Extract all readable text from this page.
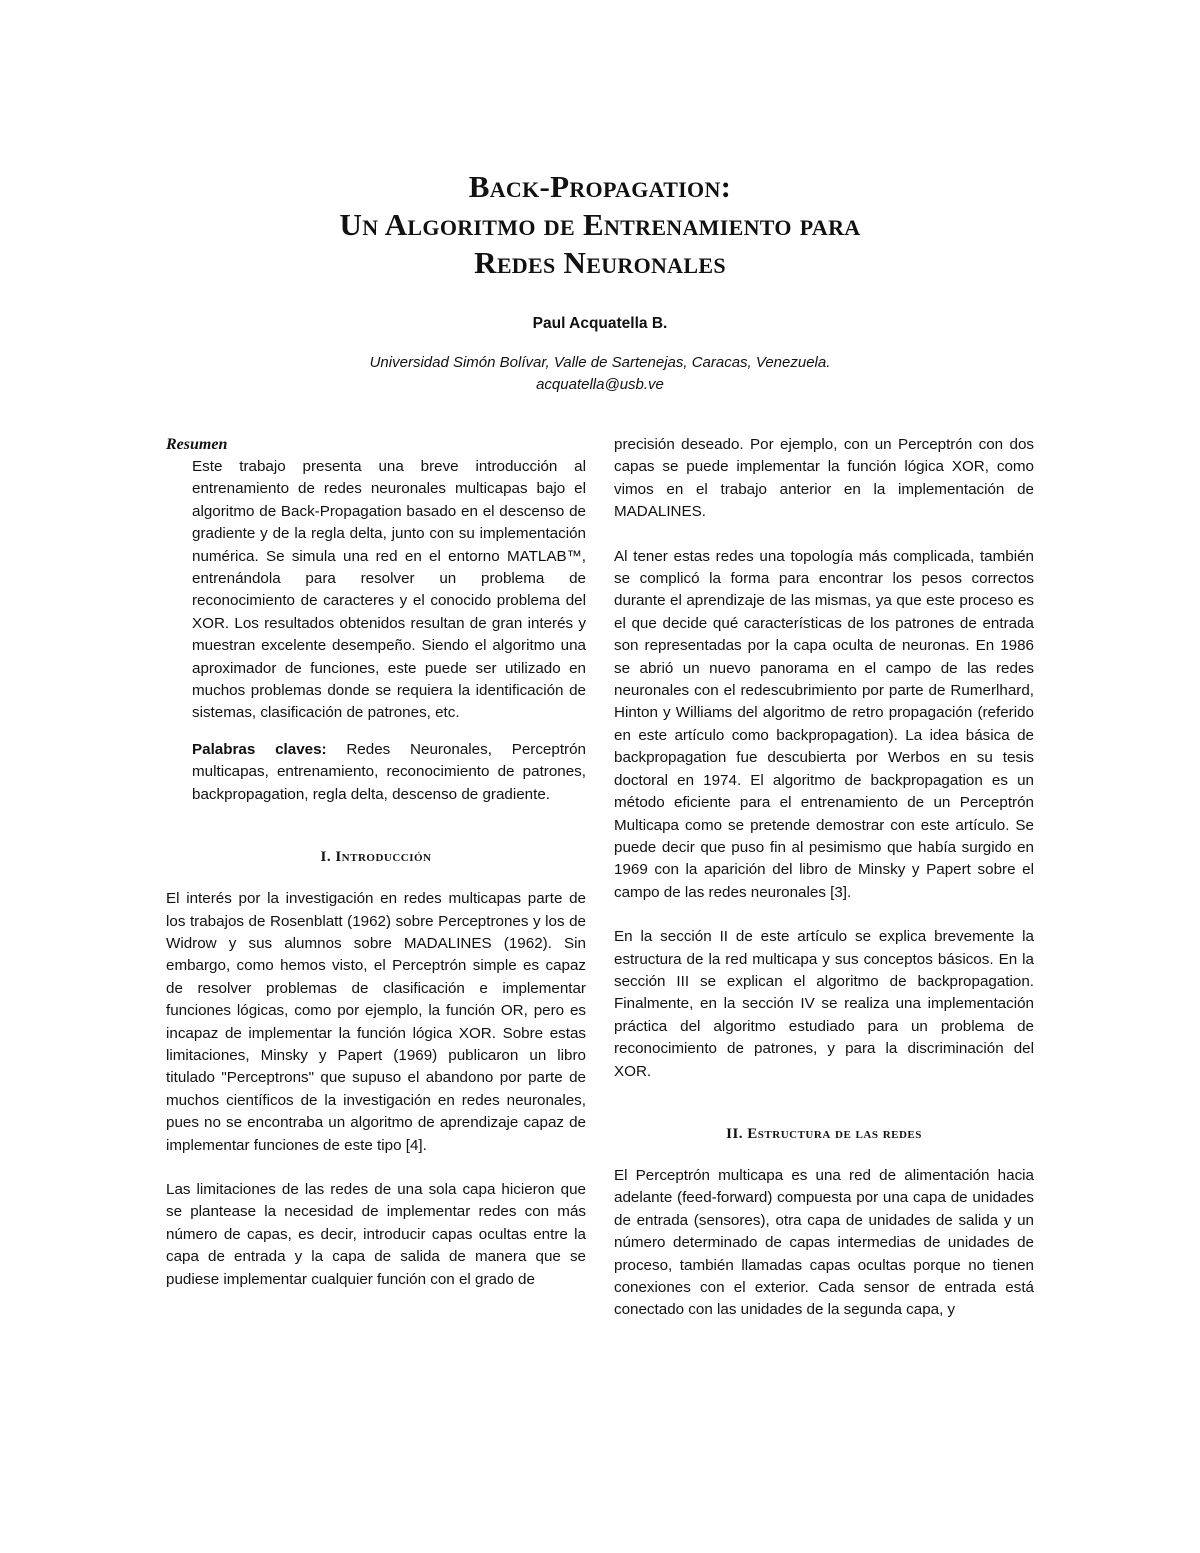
Back-Propagation:
Un Algoritmo de Entrenamiento para
Redes Neuronales
Paul Acquatella B.
Universidad Simón Bolívar, Valle de Sartenejas, Caracas, Venezuela.
acquatella@usb.ve
Resumen

Este trabajo presenta una breve introducción al entrenamiento de redes neuronales multicapas bajo el algoritmo de Back-Propagation basado en el descenso de gradiente y de la regla delta, junto con su implementación numérica. Se simula una red en el entorno MATLAB™, entrenándola para resolver un problema de reconocimiento de caracteres y el conocido problema del XOR. Los resultados obtenidos resultan de gran interés y muestran excelente desempeño. Siendo el algoritmo una aproximador de funciones, este puede ser utilizado en muchos problemas donde se requiera la identificación de sistemas, clasificación de patrones, etc.

Palabras claves: Redes Neuronales, Perceptrón multicapas, entrenamiento, reconocimiento de patrones, backpropagation, regla delta, descenso de gradiente.

I. Introducción

El interés por la investigación en redes multicapas parte de los trabajos de Rosenblatt (1962) sobre Perceptrones y los de Widrow y sus alumnos sobre MADALINES (1962). Sin embargo, como hemos visto, el Perceptrón simple es capaz de resolver problemas de clasificación e implementar funciones lógicas, como por ejemplo, la función OR, pero es incapaz de implementar la función lógica XOR. Sobre estas limitaciones, Minsky y Papert (1969) publicaron un libro titulado "Perceptrons" que supuso el abandono por parte de muchos científicos de la investigación en redes neuronales, pues no se encontraba un algoritmo de aprendizaje capaz de implementar funciones de este tipo [4].

Las limitaciones de las redes de una sola capa hicieron que se plantease la necesidad de implementar redes con más número de capas, es decir, introducir capas ocultas entre la capa de entrada y la capa de salida de manera que se pudiese implementar cualquier función con el grado de

precisión deseado. Por ejemplo, con un Perceptrón con dos capas se puede implementar la función lógica XOR, como vimos en el trabajo anterior en la implementación de MADALINES.

Al tener estas redes una topología más complicada, también se complicó la forma para encontrar los pesos correctos durante el aprendizaje de las mismas, ya que este proceso es el que decide qué características de los patrones de entrada son representadas por la capa oculta de neuronas. En 1986 se abrió un nuevo panorama en el campo de las redes neuronales con el redescubrimiento por parte de Rumerlhard, Hinton y Williams del algoritmo de retro propagación (referido en este artículo como backpropagation). La idea básica de backpropagation fue descubierta por Werbos en su tesis doctoral en 1974. El algoritmo de backpropagation es un método eficiente para el entrenamiento de un Perceptrón Multicapa como se pretende demostrar con este artículo. Se puede decir que puso fin al pesimismo que había surgido en 1969 con la aparición del libro de Minsky y Papert sobre el campo de las redes neuronales [3].

En la sección II de este artículo se explica brevemente la estructura de la red multicapa y sus conceptos básicos. En la sección III se explican el algoritmo de backpropagation. Finalmente, en la sección IV se realiza una implementación práctica del algoritmo estudiado para un problema de reconocimiento de patrones, y para la discriminación del XOR.

II. Estructura de las redes

El Perceptrón multicapa es una red de alimentación hacia adelante (feed-forward) compuesta por una capa de unidades de entrada (sensores), otra capa de unidades de salida y un número determinado de capas intermedias de unidades de proceso, también llamadas capas ocultas porque no tienen conexiones con el exterior. Cada sensor de entrada está conectado con las unidades de la segunda capa, y
